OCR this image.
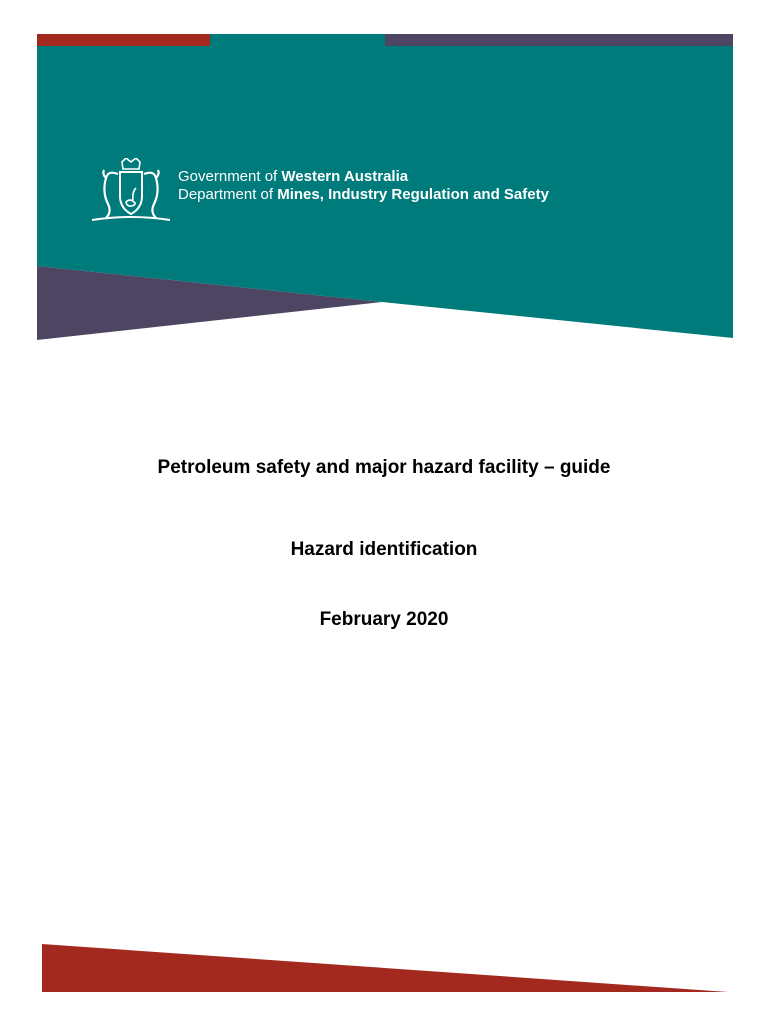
Government of Western Australia
Department of Mines, Industry Regulation and Safety

Petroleum safety and major hazard facility – guide

Hazard identification

February 2020
